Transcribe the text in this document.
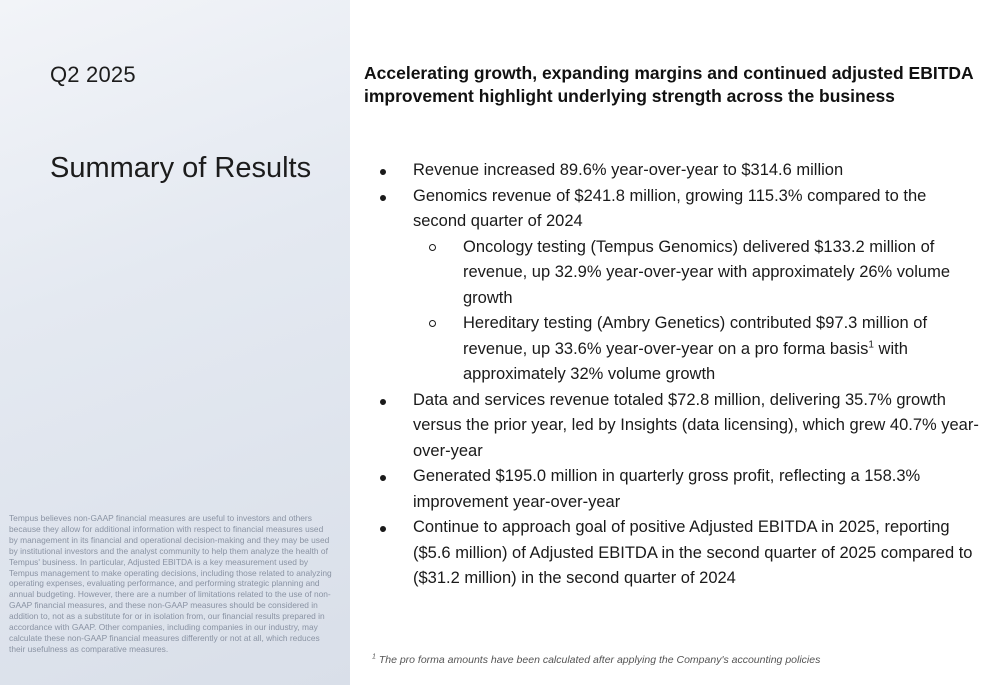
Q2 2025
Summary of Results
Tempus believes non-GAAP financial measures are useful to investors and others because they allow for additional information with respect to financial measures used by management in its financial and operational decision-making and they may be used by institutional investors and the analyst community to help them analyze the health of Tempus' business. In particular, Adjusted EBITDA is a key measurement used by Tempus management to make operating decisions, including those related to analyzing operating expenses, evaluating performance, and performing strategic planning and annual budgeting. However, there are a number of limitations related to the use of non-GAAP financial measures, and these non-GAAP measures should be considered in addition to, not as a substitute for or in isolation from, our financial results prepared in accordance with GAAP. Other companies, including companies in our industry, may calculate these non-GAAP financial measures differently or not at all, which reduces their usefulness as comparative measures.
Accelerating growth, expanding margins and continued adjusted EBITDA improvement highlight underlying strength across the business
Revenue increased 89.6% year-over-year to $314.6 million
Genomics revenue of $241.8 million, growing 115.3% compared to the second quarter of 2024
Oncology testing (Tempus Genomics) delivered $133.2 million of revenue, up 32.9% year-over-year with approximately 26% volume growth
Hereditary testing (Ambry Genetics) contributed $97.3 million of revenue, up 33.6% year-over-year on a pro forma basis$^1$ with approximately 32% volume growth
Data and services revenue totaled $72.8 million, delivering 35.7% growth versus the prior year, led by Insights (data licensing), which grew 40.7% year-over-year
Generated $195.0 million in quarterly gross profit, reflecting a 158.3% improvement year-over-year
Continue to approach goal of positive Adjusted EBITDA in 2025, reporting ($5.6 million) of Adjusted EBITDA in the second quarter of 2025 compared to ($31.2 million) in the second quarter of 2024
$^1$ The pro forma amounts have been calculated after applying the Company's accounting policies
